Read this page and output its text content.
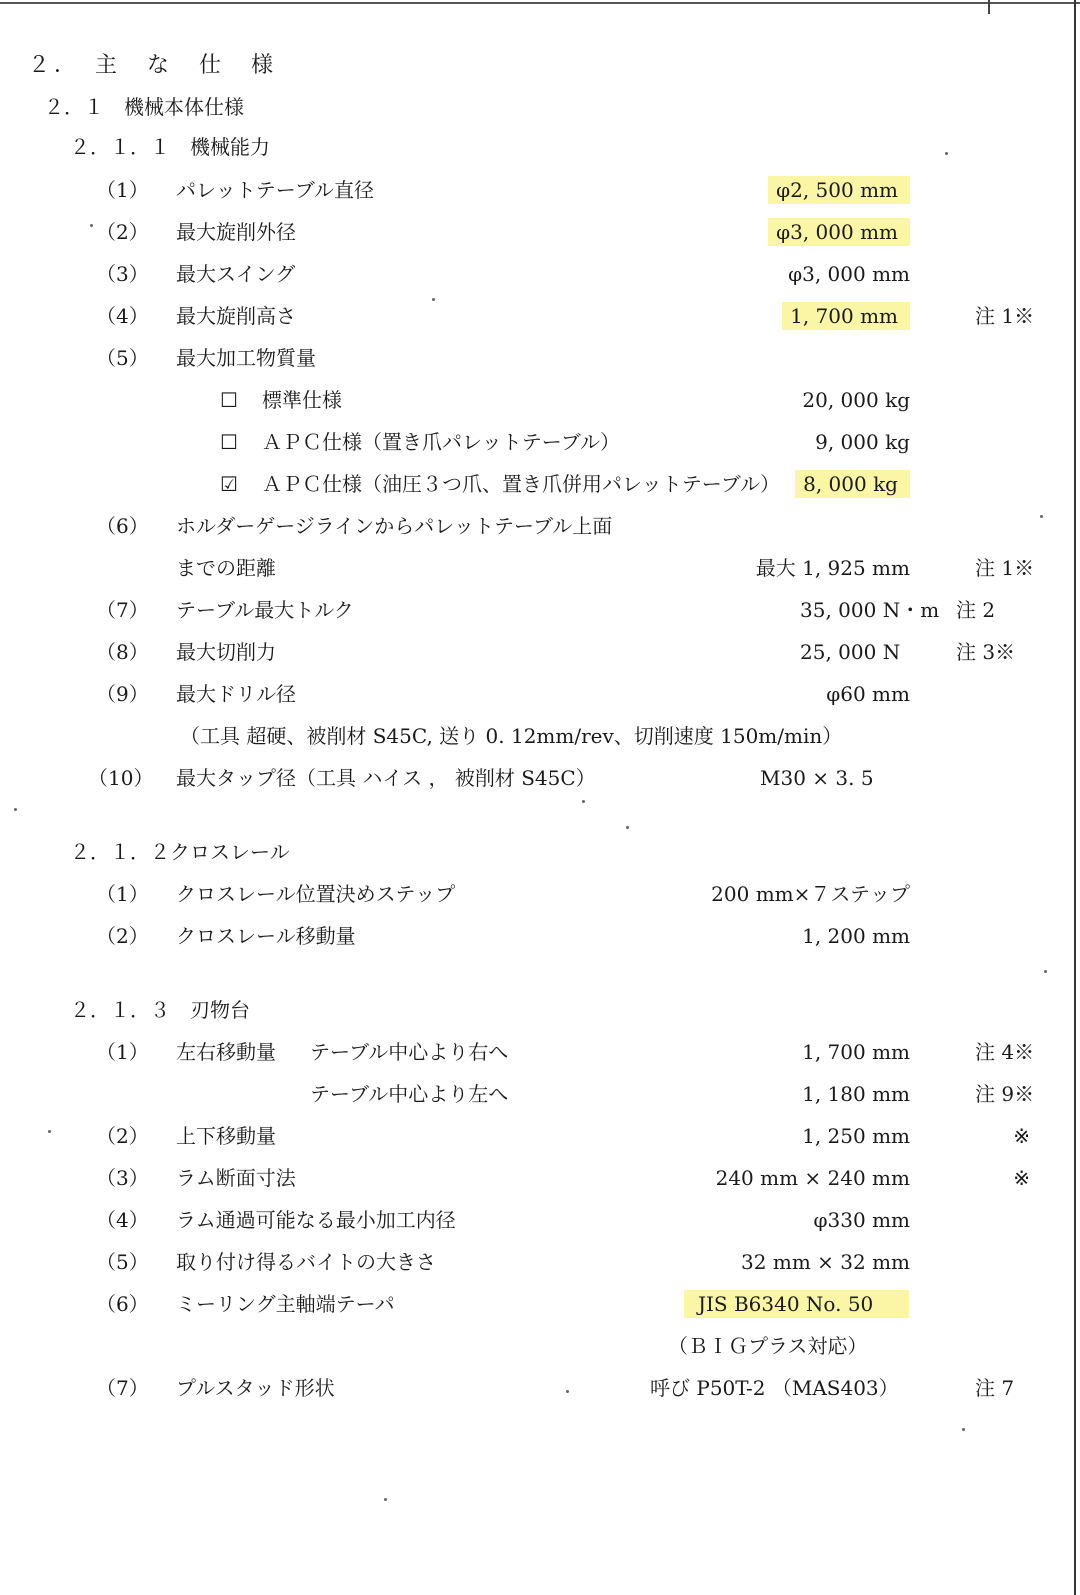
２．　主　な　仕　様
２．１　機械本体仕様
２．１．１　機械能力
（1） パレットテーブル直径	φ2, 500 mm
（2） 最大旋削外径	φ3, 000 mm
（3） 最大スイング	φ3, 000 mm
（4） 最大旋削高さ	1, 700 mm	注 1※
（5） 最大加工物質量
☐ 標準仕様	20, 000 kg
☐ ＡＰＣ仕様（置き爪パレットテーブル）	9, 000 kg
☑ ＡＰＣ仕様（油圧３つ爪、置き爪併用パレットテーブル）	8, 000 kg
（6） ホルダーゲージラインからパレットテーブル上面
までの距離	最大 1, 925 mm	注 1※
（7） テーブル最大トルク	35, 000 N・m 注 2
（8） 最大切削力	25, 000 N	注 3※
（9） 最大ドリル径	φ60 mm
（工具 超硬、被削材 S45C, 送り 0. 12mm/rev、切削速度 150m/min）
（10） 最大タップ径（工具 ハイス ， 被削材 S45C）	M30 × 3. 5
２．１．２クロスレール
（1） クロスレール位置決めステップ	200 mm×７ステップ
（2） クロスレール移動量	1, 200 mm
２．１．３　刃物台
（1） 左右移動量 テーブル中心より右へ	1, 700 mm	注 4※
テーブル中心より左へ	1, 180 mm	注 9※
（2） 上下移動量	1, 250 mm	※
（3） ラム断面寸法	240 mm × 240 mm	※
（4） ラム通過可能なる最小加工内径	φ330 mm
（5） 取り付け得るバイトの大きさ	32 mm × 32 mm
（6） ミーリング主軸端テーパ	JIS B6340 No. 50
（ＢＩＧプラス対応）
（7） プルスタッド形状	呼び P50T-2 （MAS403）	注 7
